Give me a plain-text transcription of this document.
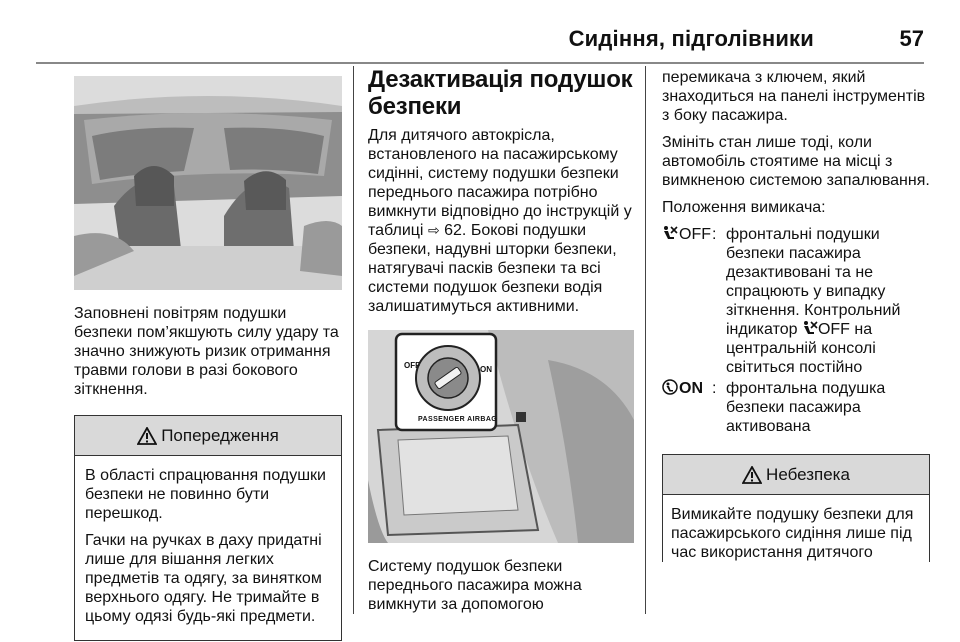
Сидіння, підголівники	57

Заповнені повітрям подушки безпеки пом’якшують силу удару та значно знижують ризик отримання травми голови в разі бокового зіткнення.

Попередження

В області спрацювання подушки безпеки не повинно бути перешкод.

Гачки на ручках в даху придатні лише для вішання легких предметів та одягу, за винятком верхнього одягу. Не тримайте в цьому одязі будь-які предмети.

Дезактивація подушок безпеки

Для дитячого автокрісла, встановленого на пасажирському сидінні, систему подушки безпеки переднього пасажира потрібно вимкнути відповідно до інструкцій у таблиці ⇨ 62. Бокові подушки безпеки, надувні шторки безпеки, натягувачі пасків безпеки та всі системи подушок безпеки водія залишатимуться активними.

OFF	ON
PASSENGER AIRBAG

Систему подушок безпеки переднього пасажира можна вимкнути за допомогою

перемикача з ключем, який знаходиться на панелі інструментів з боку пасажира.

Змініть стан лише тоді, коли автомобіль стоятиме на місці з вимкненою системою запалювання.

Положення вимикача:

OFF : фронтальні подушки безпеки пасажира дезактивовані та не спрацюють у випадку зіткнення. Контрольний індикатор OFF на центральній консолі світиться постійно
ON : фронтальна подушка безпеки пасажира активована
Небезпека

Вимикайте подушку безпеки для пасажирського сидіння лише під час використання дитячого
